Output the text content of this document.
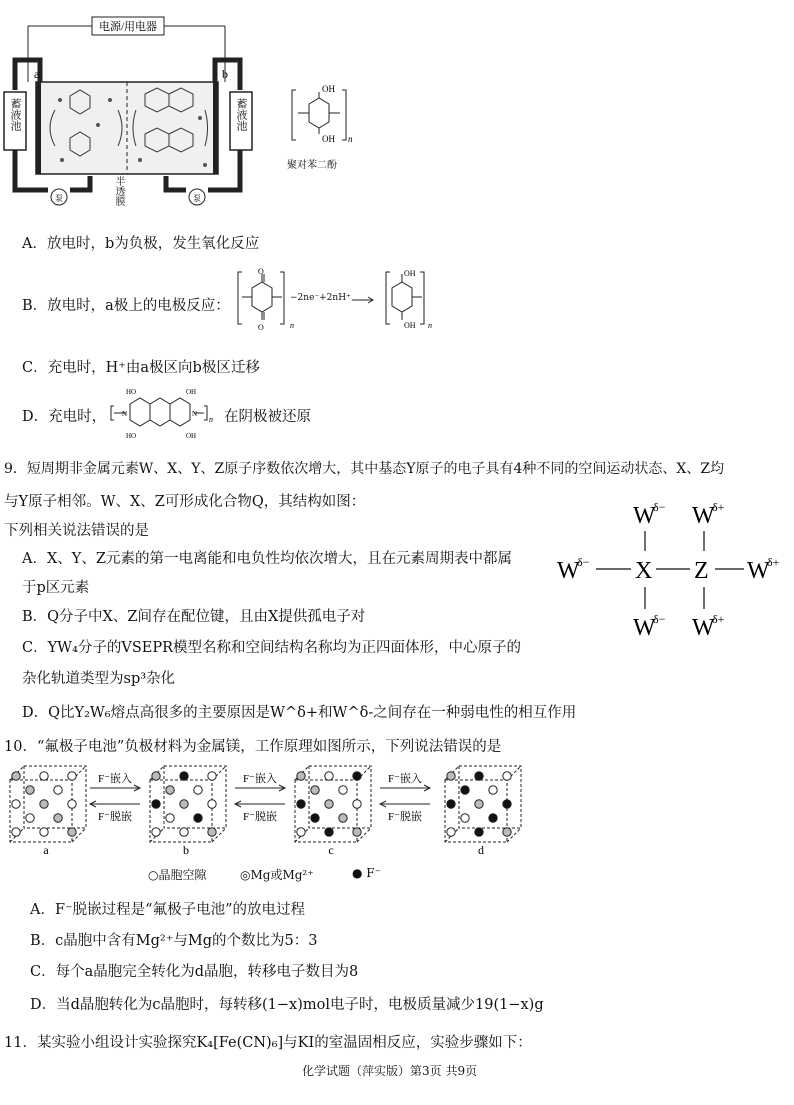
电源/用电器
泵	泵
a	b
蓄液池	蓄液池
半透膜
OH
OH n
聚对苯二酚
A．放电时，b为负极，发生氧化反应
B．放电时，a极上的电极反应：
O
O	n
OH
OH n
−2ne⁻+2nH⁺
C．充电时，H⁺由a极区向b极区迁移
D．充电时，
HO
HO
OH
OH
N	N
n 在阴极被还原
9．短周期非金属元素W、X、Y、Z原子序数依次增大，其中基态Y原子的电子具有4种不同的空间运动状态、X、Z均
与Y原子相邻。W、X、Z可形成化合物Q，其结构如图：
下列相关说法错误的是
A．X、Y、Z元素的第一电离能和电负性均依次增大，且在元素周期表中都属
于p区元素
B．Q分子中X、Z间存在配位键，且由X提供孤电子对
C．YW₄分子的VSEPR模型名称和空间结构名称均为正四面体形，中心原子的
杂化轨道类型为sp³杂化
D．Q比Y₂W₆熔点高很多的主要原因是W^δ+和W^δ-之间存在一种弱电性的相互作用
X Z
W W
W	W
W W
δ−	δ+
δ−	δ+
δ−	δ+
10．“氟极子电池”负极材料为金属镁，工作原理如图所示，下列说法错误的是
a	b	c	d
F⁻嵌入
F⁻脱嵌
F⁻嵌入
F⁻脱嵌
F⁻嵌入
F⁻脱嵌
○晶胞空隙	◎Mg或Mg²⁺	● F⁻
A．F⁻脱嵌过程是“氟极子电池”的放电过程
B．c晶胞中含有Mg²⁺与Mg的个数比为5：3
C．每个a晶胞完全转化为d晶胞，转移电子数目为8
D．当d晶胞转化为c晶胞时，每转移(1−x)mol电子时，电极质量减少19(1−x)g
11．某实验小组设计实验探究K₄[Fe(CN)₆]与KI的室温固相反应，实验步骤如下：
化学试题（萍实版）第3页 共9页
